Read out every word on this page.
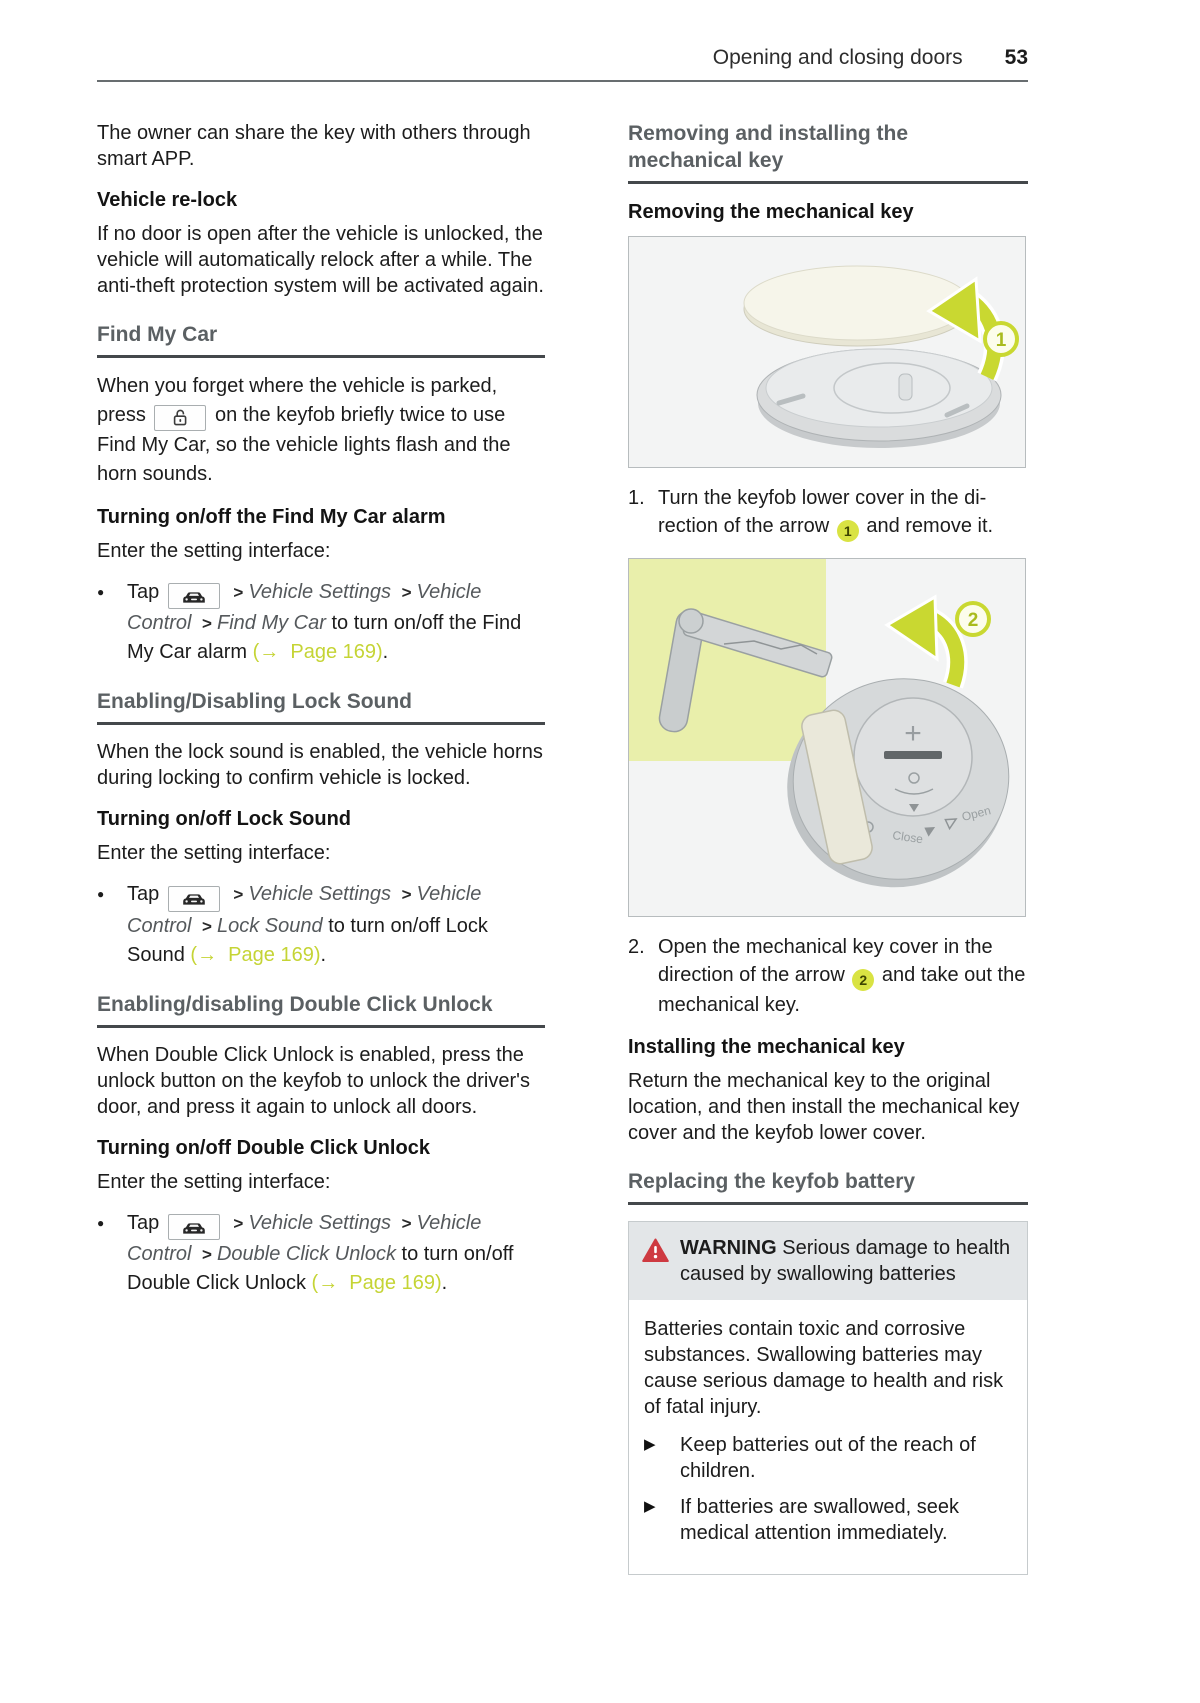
Opening and closing doors 53

The owner can share the key with others through smart APP.

Vehicle re-lock

If no door is open after the vehicle is unlocked, the vehicle will automatically relock after a while. The anti-theft protection system will be activated again.

Find My Car

When you forget where the vehicle is parked, press	on the keyfob briefly twice to use Find My Car, so the vehicle lights flash and the horn sounds.

Turning on/off the Find My Car alarm

Enter the setting interface:

●	Tap	> Vehicle Settings > Vehicle Control > Find My Car to turn on/off the Find My Car alarm (→  Page 169).
Enabling/Disabling Lock Sound

When the lock sound is enabled, the vehicle horns during locking to confirm vehicle is locked.

Turning on/off Lock Sound

Enter the setting interface:

●	Tap	> Vehicle Settings > Vehicle Control > Lock Sound to turn on/off Lock Sound (→  Page 169).
Enabling/disabling Double Click Unlock

When Double Click Unlock is enabled, press the unlock button on the keyfob to unlock the driver's door, and press it again to unlock all doors.

Turning on/off Double Click Unlock

Enter the setting interface:

●	Tap	> Vehicle Settings > Vehicle Control > Double Click Unlock to turn on/off Double Click Unlock (→  Page 169).
Removing and installing the mechanical key
Removing the mechanical key
1
1. Turn the keyfob lower cover in the direction of the arrow 1 and remove it.
+
Close
Open
2
2. Open the mechanical key cover in the direction of the arrow 2 and take out the mechanical key.
Installing the mechanical key

Return the mechanical key to the original location, and then install the mechanical key cover and the keyfob lower cover.

Replacing the keyfob battery
WARNING Serious damage to health caused by swallowing batteries

Batteries contain toxic and corrosive substances. Swallowing batteries may cause serious damage to health and risk of fatal injury.

▶	Keep batteries out of the reach of children.
▶	If batteries are swallowed, seek medical attention immediately.
